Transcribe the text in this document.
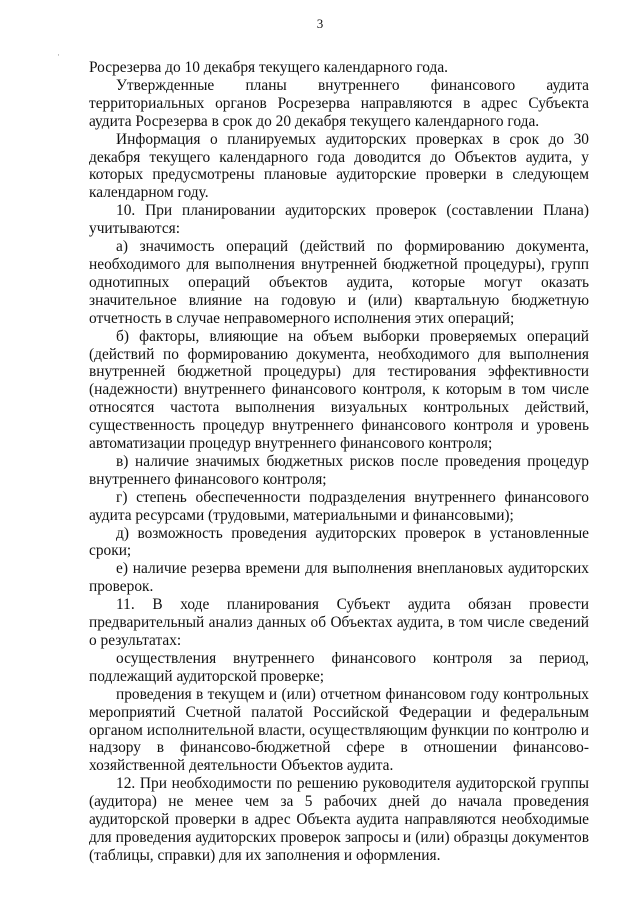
3
·

Росрезерва до 10 декабря текущего календарного года.

Утвержденные планы внутреннего финансового аудита территориальных органов Росрезерва направляются в адрес Субъекта аудита Росрезерва в срок до 20 декабря текущего календарного года.

Информация о планируемых аудиторских проверках в срок до 30 декабря текущего календарного года доводится до Объектов аудита, у которых предусмотрены плановые аудиторские проверки в следующем календарном году.

10. При планировании аудиторских проверок (составлении Плана) учитываются:

а) значимость операций (действий по формированию документа, необходимого для выполнения внутренней бюджетной процедуры), групп однотипных операций объектов аудита, которые могут оказать значительное влияние на годовую и (или) квартальную бюджетную отчетность в случае неправомерного исполнения этих операций;

б) факторы, влияющие на объем выборки проверяемых операций (действий по формированию документа, необходимого для выполнения внутренней бюджетной процедуры) для тестирования эффективности (надежности) внутреннего финансового контроля, к которым в том числе относятся частота выполнения визуальных контрольных действий, существенность процедур внутреннего финансового контроля и уровень автоматизации процедур внутреннего финансового контроля;

в) наличие значимых бюджетных рисков после проведения процедур внутреннего финансового контроля;

г) степень обеспеченности подразделения внутреннего финансового аудита ресурсами (трудовыми, материальными и финансовыми);

д) возможность проведения аудиторских проверок в установленные сроки;

е) наличие резерва времени для выполнения внеплановых аудиторских проверок.

11. В ходе планирования Субъект аудита обязан провести предварительный анализ данных об Объектах аудита, в том числе сведений о результатах:

осуществления внутреннего финансового контроля за период, подлежащий аудиторской проверке;

проведения в текущем и (или) отчетном финансовом году контрольных мероприятий Счетной палатой Российской Федерации и федеральным органом исполнительной власти, осуществляющим функции по контролю и надзору в финансово-бюджетной сфере в отношении финансово-хозяйственной деятельности Объектов аудита.

12. При необходимости по решению руководителя аудиторской группы (аудитора) не менее чем за 5 рабочих дней до начала проведения аудиторской проверки в адрес Объекта аудита направляются необходимые для проведения аудиторских проверок запросы и (или) образцы документов (таблицы, справки) для их заполнения и оформления.
